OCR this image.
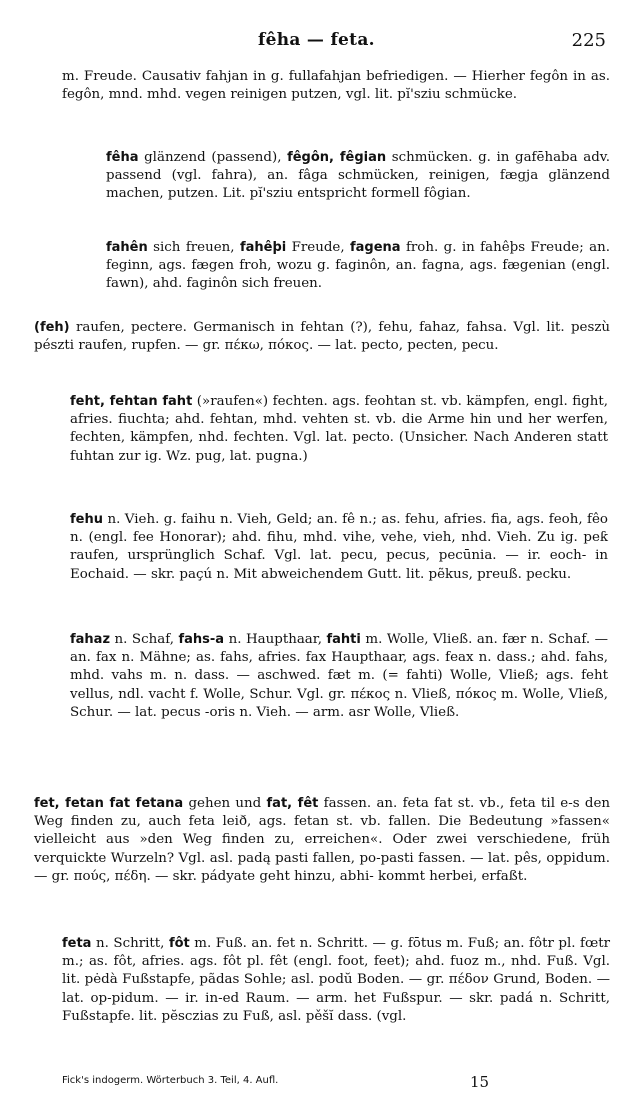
fêha — feta.	225

m. Freude. Causativ fahjan in g. fullafahjan befriedigen. — Hierher fegôn in as. fegôn, mnd. mhd. vegen reinigen putzen, vgl. lit. pĭ'sziu schmücke.

fêha glänzend (passend), fêgôn, fêgian schmücken. g. in gafēhaba adv. passend (vgl. fahra), an. fâga schmücken, reinigen, fægja glänzend machen, putzen. Lit. pĭ'sziu entspricht formell fôgian.

fahên sich freuen, fahêþi Freude, fagena froh. g. in fahêþs Freude; an. feginn, ags. fægen froh, wozu g. faginôn, an. fagna, ags. fægenian (engl. fawn), ahd. faginôn sich freuen.

(feh) raufen, pectere. Germanisch in fehtan (?), fehu, fahaz, fahsa. Vgl. lit. peszù pészti raufen, rupfen. — gr. πέκω, πόκος. — lat. pecto, pecten, pecu.

feht, fehtan faht (»raufen«) fechten. ags. feohtan st. vb. kämpfen, engl. fight, afries. fiuchta; ahd. fehtan, mhd. vehten st. vb. die Arme hin und her werfen, fechten, kämpfen, nhd. fechten. Vgl. lat. pecto. (Unsicher. Nach Anderen statt fuhtan zur ig. Wz. pug, lat. pugna.)

fehu n. Vieh. g. faihu n. Vieh, Geld; an. fê n.; as. fehu, afries. fia, ags. feoh, fêo n. (engl. fee Honorar); ahd. fihu, mhd. vihe, vehe, vieh, nhd. Vieh. Zu ig. peƙ raufen, ursprünglich Schaf. Vgl. lat. pecu, pecus, pecūnia. — ir. eoch- in Eochaid. — skr. paçú n. Mit abweichendem Gutt. lit. pẽkus, preuß. pecku.

fahaz n. Schaf, fahs-a n. Haupthaar, fahti m. Wolle, Vließ. an. fær n. Schaf. — an. fax n. Mähne; as. fahs, afries. fax Haupthaar, ags. feax n. dass.; ahd. fahs, mhd. vahs m. n. dass. — aschwed. fæt m. (= fahti) Wolle, Vließ; ags. feht vellus, ndl. vacht f. Wolle, Schur. Vgl. gr. πέκος n. Vließ, πόκος m. Wolle, Vließ, Schur. — lat. pecus -oris n. Vieh. — arm. asr Wolle, Vließ.

fet, fetan fat fetana gehen und fat, fêt fassen. an. feta fat st. vb., feta til e-s den Weg finden zu, auch feta leið, ags. fetan st. vb. fallen. Die Bedeutung »fassen« vielleicht aus »den Weg finden zu, erreichen«. Oder zwei verschiedene, früh verquickte Wurzeln? Vgl. asl. padą pasti fallen, po-pasti fassen. — lat. pês, oppidum. — gr. πούς, πέδη. — skr. pádyate geht hinzu, abhi- kommt herbei, erfaßt.

feta n. Schritt, fôt m. Fuß. an. fet n. Schritt. — g. fōtus m. Fuß; an. fôtr pl. fœtr m.; as. fôt, afries. ags. fôt pl. fêt (engl. foot, feet); ahd. fuoz m., nhd. Fuß. Vgl. lit. pėdà Fußstapfe, pãdas Sohle; asl. podŭ Boden. — gr. πέδον Grund, Boden. — lat. op-pidum. — ir. in-ed Raum. — arm. het Fußspur. — skr. padá n. Schritt, Fußstapfe. lit. pĕsczias zu Fuß, asl. pěšĭ dass. (vgl.

Fick's indogerm. Wörterbuch 3. Teil, 4. Aufl.	15
